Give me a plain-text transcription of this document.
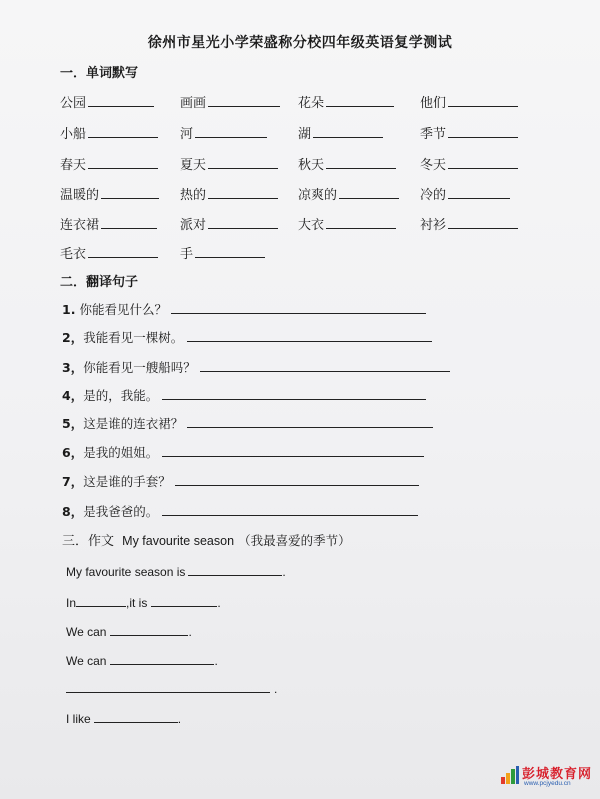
徐州市星光小学荣盛称分校四年级英语复学测试
一．单词默写
公园	画画	花朵	他们
小船	河	湖	季节
春天	夏天	秋天	冬天
温暖的	热的	凉爽的	冷的
连衣裙	派对	大衣	衬衫
毛衣	手
二．翻译句子
1. 你能看见什么？
2，我能看见一棵树。
3，你能看见一艘船吗？
4，是的，我能。
5，这是谁的连衣裙？
6，是我的姐姐。
7，这是谁的手套？
8，是我爸爸的。
三．作文 My favourite season （我最喜爱的季节）
My favourite season is	.
In	,it is	.
We can	.
We can	.
.
I like	.
彭城教育网
www.pcjyedu.cn
